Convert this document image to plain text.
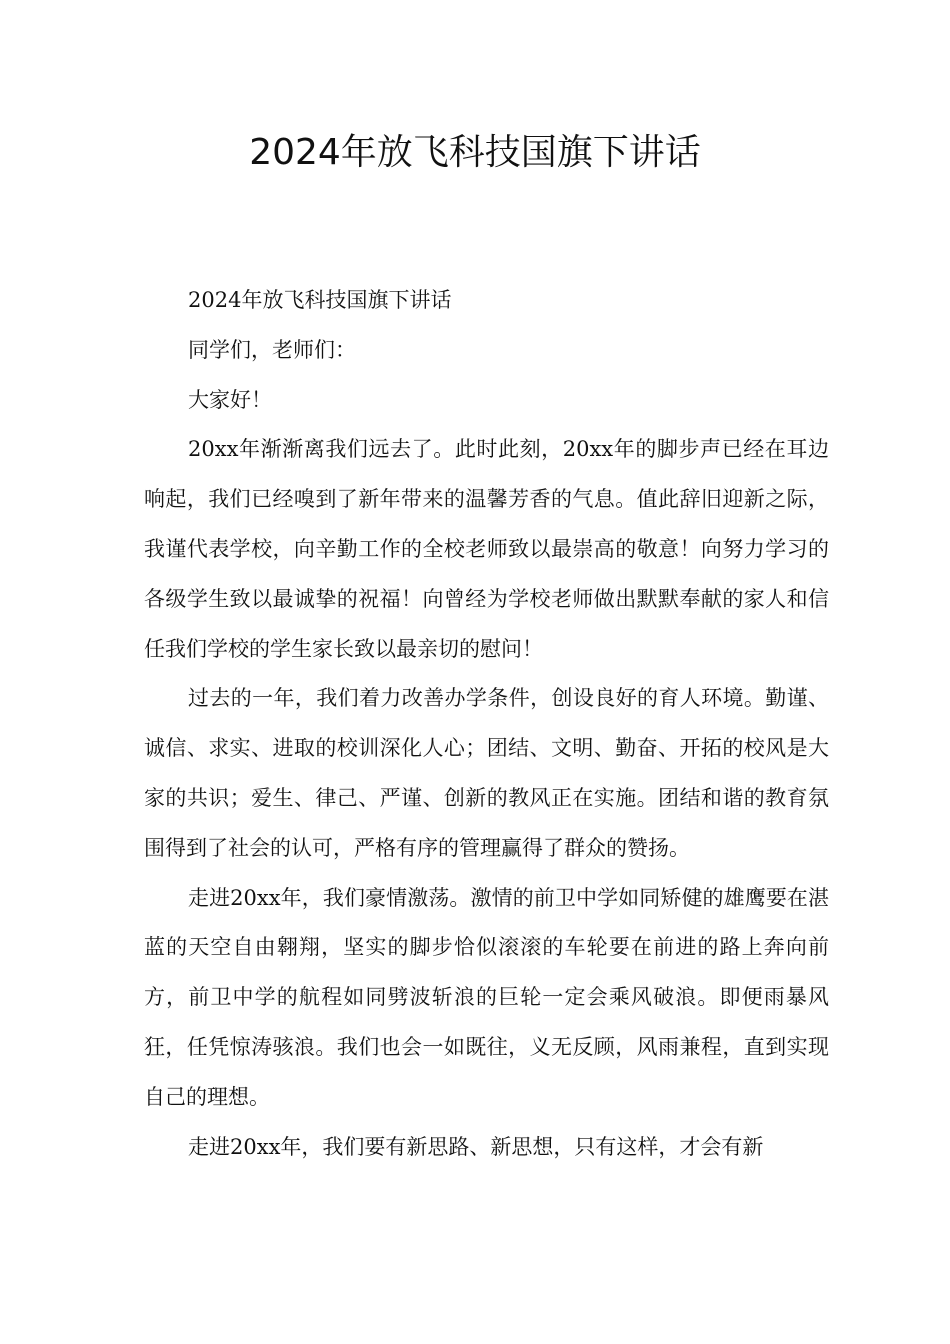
2024年放飞科技国旗下讲话

2024年放飞科技国旗下讲话

同学们，老师们：

大家好！

20xx年渐渐离我们远去了。此时此刻，20xx年的脚步声已经在耳边响起，我们已经嗅到了新年带来的温馨芳香的气息。值此辞旧迎新之际，我谨代表学校，向辛勤工作的全校老师致以最崇高的敬意！向努力学习的各级学生致以最诚挚的祝福！向曾经为学校老师做出默默奉献的家人和信任我们学校的学生家长致以最亲切的慰问！

过去的一年，我们着力改善办学条件，创设良好的育人环境。勤谨、诚信、求实、进取的校训深化人心；团结、文明、勤奋、开拓的校风是大家的共识；爱生、律己、严谨、创新的教风正在实施。团结和谐的教育氛围得到了社会的认可，严格有序的管理赢得了群众的赞扬。

走进20xx年，我们豪情激荡。激情的前卫中学如同矫健的雄鹰要在湛蓝的天空自由翱翔，坚实的脚步恰似滚滚的车轮要在前进的路上奔向前方，前卫中学的航程如同劈波斩浪的巨轮一定会乘风破浪。即便雨暴风狂，任凭惊涛骇浪。我们也会一如既往，义无反顾，风雨兼程，直到实现自己的理想。

走进20xx年，我们要有新思路、新思想，只有这样，才会有新
